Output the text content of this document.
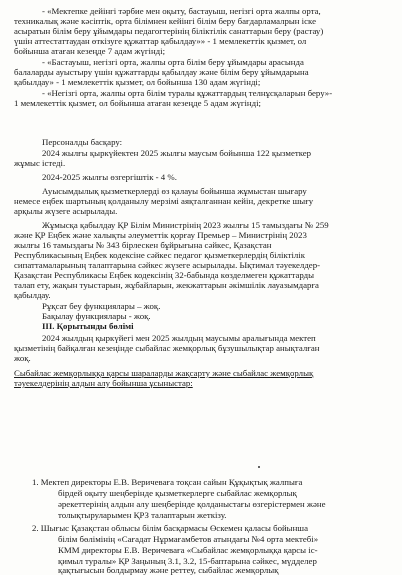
- «Мектепке дейінгі тәрбие мен оқыту, бастауыш, негізгі орта жалпы орта,
техникалық және кәсіптік, орта білімнен кейінгі білім беру бағдарламалрын іске
асыратын білім беру ұйымдары педагогтерінің біліктілік санаттарын беру (растау)
үшін аттестаттаудан өткізуге құжаттар қабылдау»» - 1 мемлекеттік қызмет, ол
бойынша атаған кезеңде 7 адам жүгінді;
- «Бастауыш, негізгі орта, жалпы орта білім беру ұйымдары арасында
балаларды ауыстыру үшін құжаттарды қабылдау және білім беру ұйымдарына
қабылдау» - 1 мемлекеттік қызмет, ол бойынша 130 адам жүгінді;
- «Негізгі орта, жалпы орта білім туралы құжаттардың телнұсқаларын беру»-
1 мемлекеттік қызмет, ол бойынша атаған кезеңде 5 адам жүгінді;
Персоналды басқару:
2024 жылғы қыркүйектен 2025 жылғы маусым бойынша 122 қызметкер
жұмыс істеді.
2024-2025 жылғы өзгергіштік - 4 %.
Ауысымдылық қызметкерлерді өз қалауы бойынша жұмыстан шығару
немесе еңбек шартының қолданылу мерзімі аяқталғаннан кейін, декретке шығу
арқылы жүзеге асырылады.
Жұмысқа қабылдау ҚР Білім Министрінің 2023 жылғы 15 тамыздағы № 259
және ҚР Еңбек және халықты әлеуметтік қорғау Премьер – Министрінің 2023
жылғы 16 тамыздағы № 343 бірлескен бұйрығына сәйкес, Қазақстан
Республикасының Еңбек кодексіне сәйкес педагог қызметкерлердің біліктілік
сипаттамаларының талаптарына сәйкес жүзеге асырылады. Ықтимал тәуекелдер-
Қазақстан Республикасы Еңбек кодексінің 32-бабында көзделмеген құжаттарды
талап ету, жақын туыстарын, жұбайларын, жекжаттарын әкімшілік лауазымдарға
қабылдау.
Рұқсат беу функциялары – жоқ.
Бақылау функциялары - жоқ.
III. Қорытынды бөлімі
2024 жылдың қыркүйегі мен 2025 жылдың маусымы аралығында мектеп
қызметінің байқалған кезеңінде сыбайлас жемқорлық бұзушылықтар анықталған
жоқ.
Сыбайлас жемқорлыққа қарсы шараларды жақсарту және сыбайлас жемқорлық
тәуекелдерінің алдын алу бойынша ұсыныстар:
1. Мектеп директоры Е.В. Веричеваға тоқсан сайын Құқықтық жалпыға
бірдей оқыту шеңберінде қызметкерлерге сыбайлас жемқорлық
әрекеттерінің алдын алу шеңберінде қолданыстағы өзгерістермен және
толықтыруларымен ҚРЗ талаптарын жеткізу.
2. Шығыс Қазақстан облысы білім басқармасы Өскемен қаласы бойынша
білім бөлімінің «Сағадат Нұрмағамбетов атындағы №4 орта мектебі»
КММ директоры Е.В. Веричеваға «Сыбайлас жемқорлыққа қарсы іс-
қимыл туралы» ҚР Заңының 3.1, 3.2, 15-баптарына сәйкес, мүдделер
қақтығысын болдырмау және реттеу, сыбайлас жемқорлық
